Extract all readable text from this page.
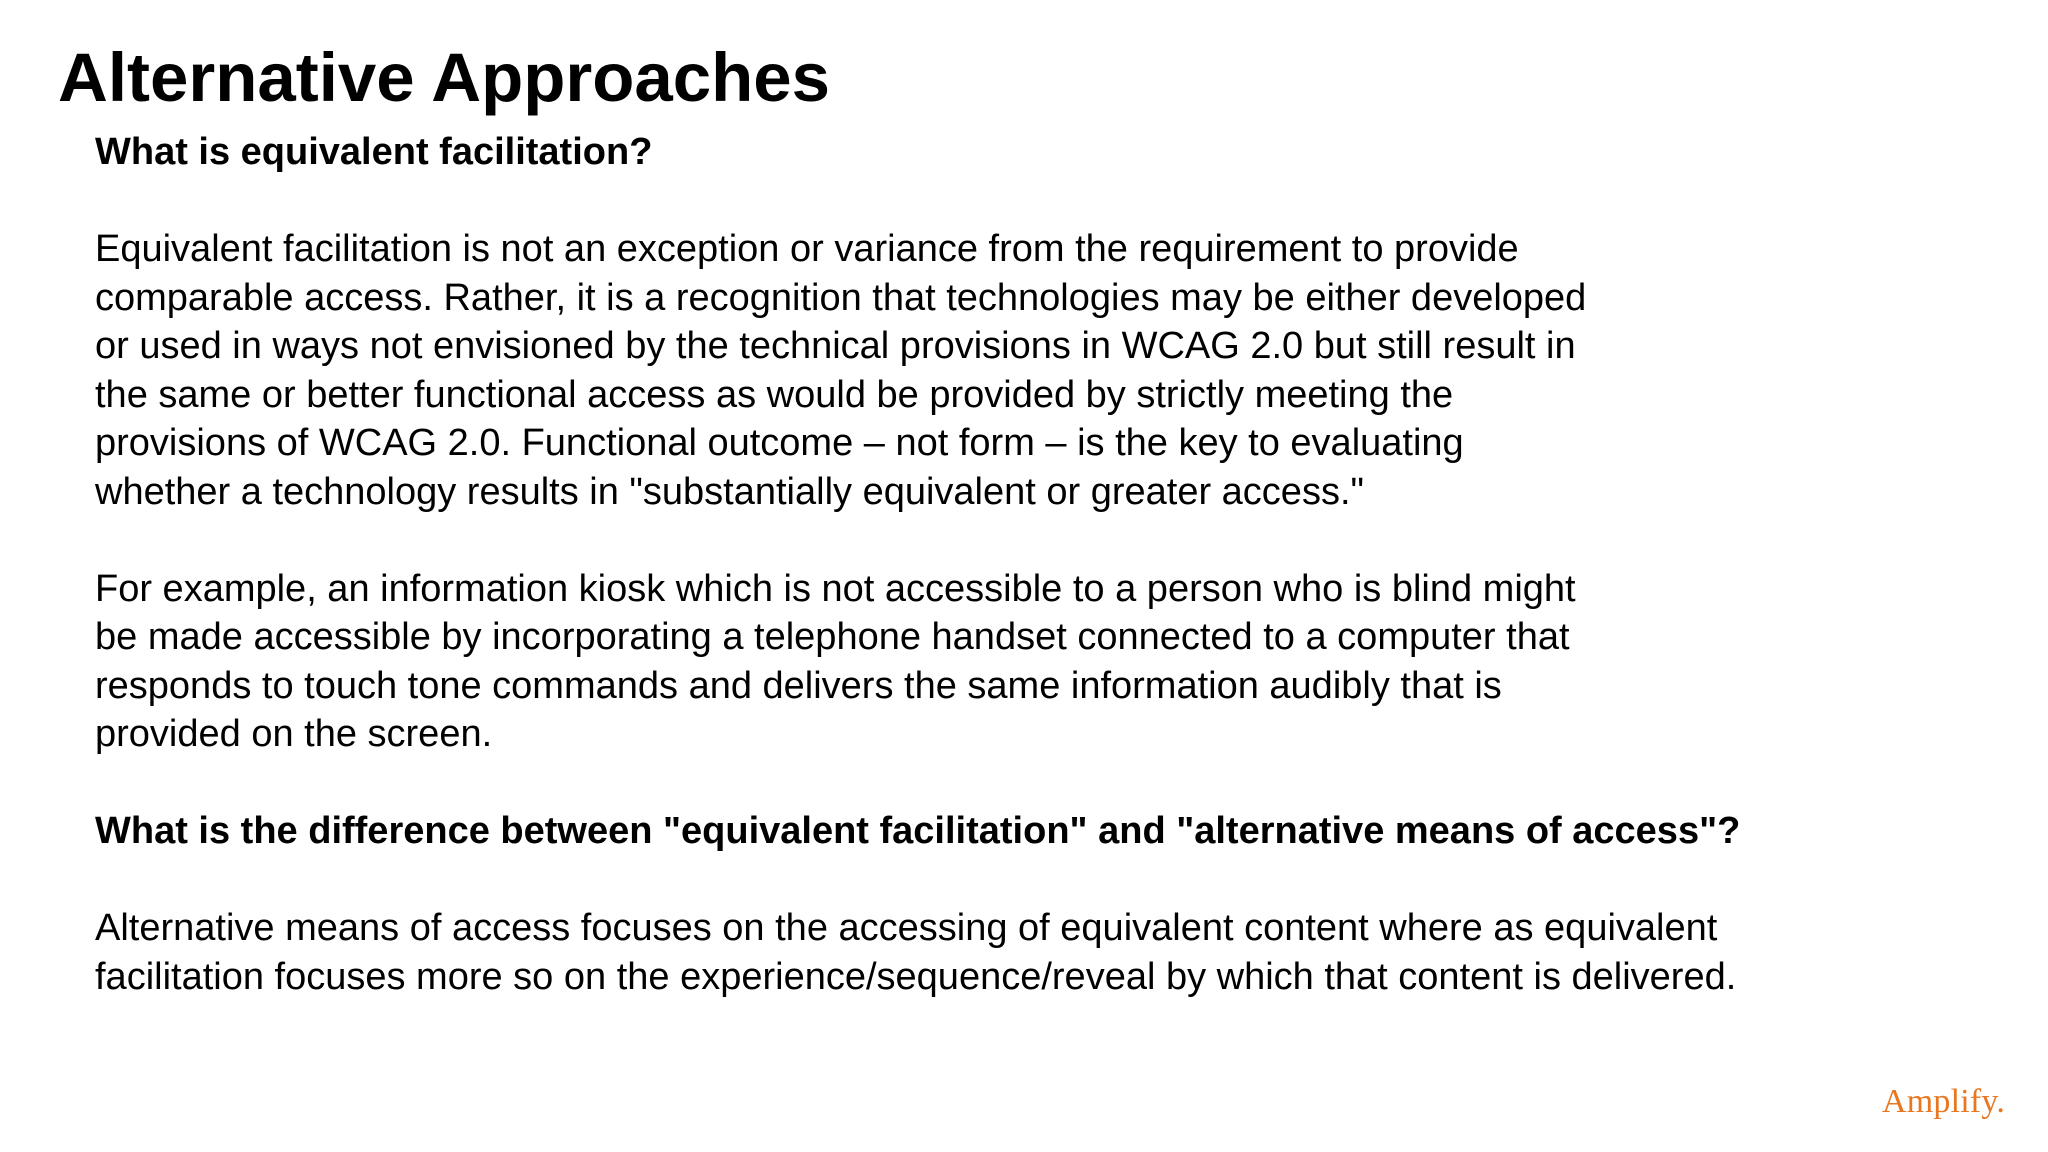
Alternative Approaches

What is equivalent facilitation?

Equivalent facilitation is not an exception or variance from the requirement to provide

comparable access. Rather, it is a recognition that technologies may be either developed

or used in ways not envisioned by the technical provisions in WCAG 2.0 but still result in

the same or better functional access as would be provided by strictly meeting the

provisions of WCAG 2.0. Functional outcome – not form – is the key to evaluating

whether a technology results in "substantially equivalent or greater access."

For example, an information kiosk which is not accessible to a person who is blind might

be made accessible by incorporating a telephone handset connected to a computer that

responds to touch tone commands and delivers the same information audibly that is

provided on the screen.

What is the difference between "equivalent facilitation" and "alternative means of access"?

Alternative means of access focuses on the accessing of equivalent content where as equivalent

facilitation focuses more so on the experience/sequence/reveal by which that content is delivered.

Amplify.
